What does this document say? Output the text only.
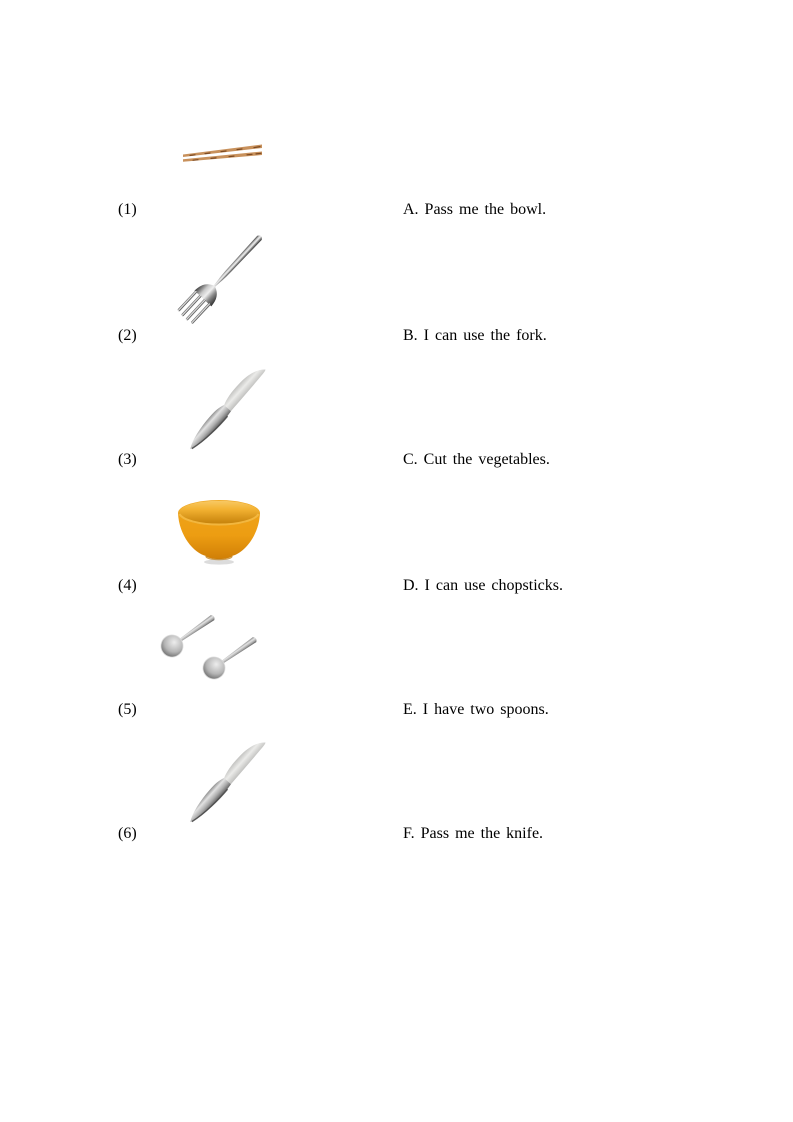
(1)	A. Pass me the bowl.
(2)	B. I can use the fork.
(3)	C. Cut the vegetables.
(4)	D. I can use chopsticks.
(5)	E. I have two spoons.
(6)	F. Pass me the knife.
